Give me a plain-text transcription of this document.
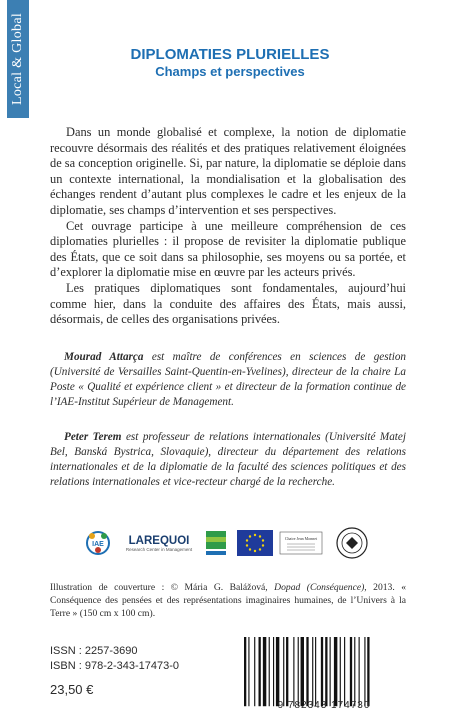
Local & Global	DIPLOMATIES PLURIELLES
Champs et perspectives

Dans un monde globalisé et complexe, la notion de diplomatie recouvre désormais des réalités et des pratiques relativement éloignées de sa conception originelle. Si, par nature, la diplomatie se déploie dans un contexte international, la mondialisation et la globalisation des échanges rendent d’autant plus complexes le cadre et les enjeux de la diplomatie, ses champs d’intervention et ses perspectives.

Cet ouvrage participe à une meilleure compréhension de ces diplomaties plurielles : il propose de revisiter la diplomatie publique des États, que ce soit dans sa philosophie, ses moyens ou sa portée, et d’explorer la diplomatie mise en œuvre par les acteurs privés.

Les pratiques diplomatiques sont fondamentales, aujourd’hui comme hier, dans la conduite des affaires des États, mais aussi, désormais, de celles des organisations privées.

Mourad Attarça est maître de conférences en sciences de gestion (Université de Versailles Saint-Quentin-en-Yvelines), directeur de la chaire La Poste « Qualité et expérience client » et directeur de la formation continue de l’IAE-Institut Supérieur de Management.

Peter Terem est professeur de relations internationales (Université Matej Bel, Banská Bystrica, Slovaquie), directeur du département des relations internationales et de la diplomatie de la faculté des sciences politiques et des relations internationales et vice-recteur chargé de la recherche.

IAE LAREQUOI
Research Center in Management
Chaire Jean Monnet
Illustration de couverture : © Mária G. Balážová, Dopad (Conséquence), 2013. « Conséquence des pensées et des représentations imaginaires humaines, de l’Univers à la Terre » (150 cm x 100 cm).
ISSN : 2257-3690
ISBN : 978-2-343-17473-0
23,50 €
9 782343 174730
